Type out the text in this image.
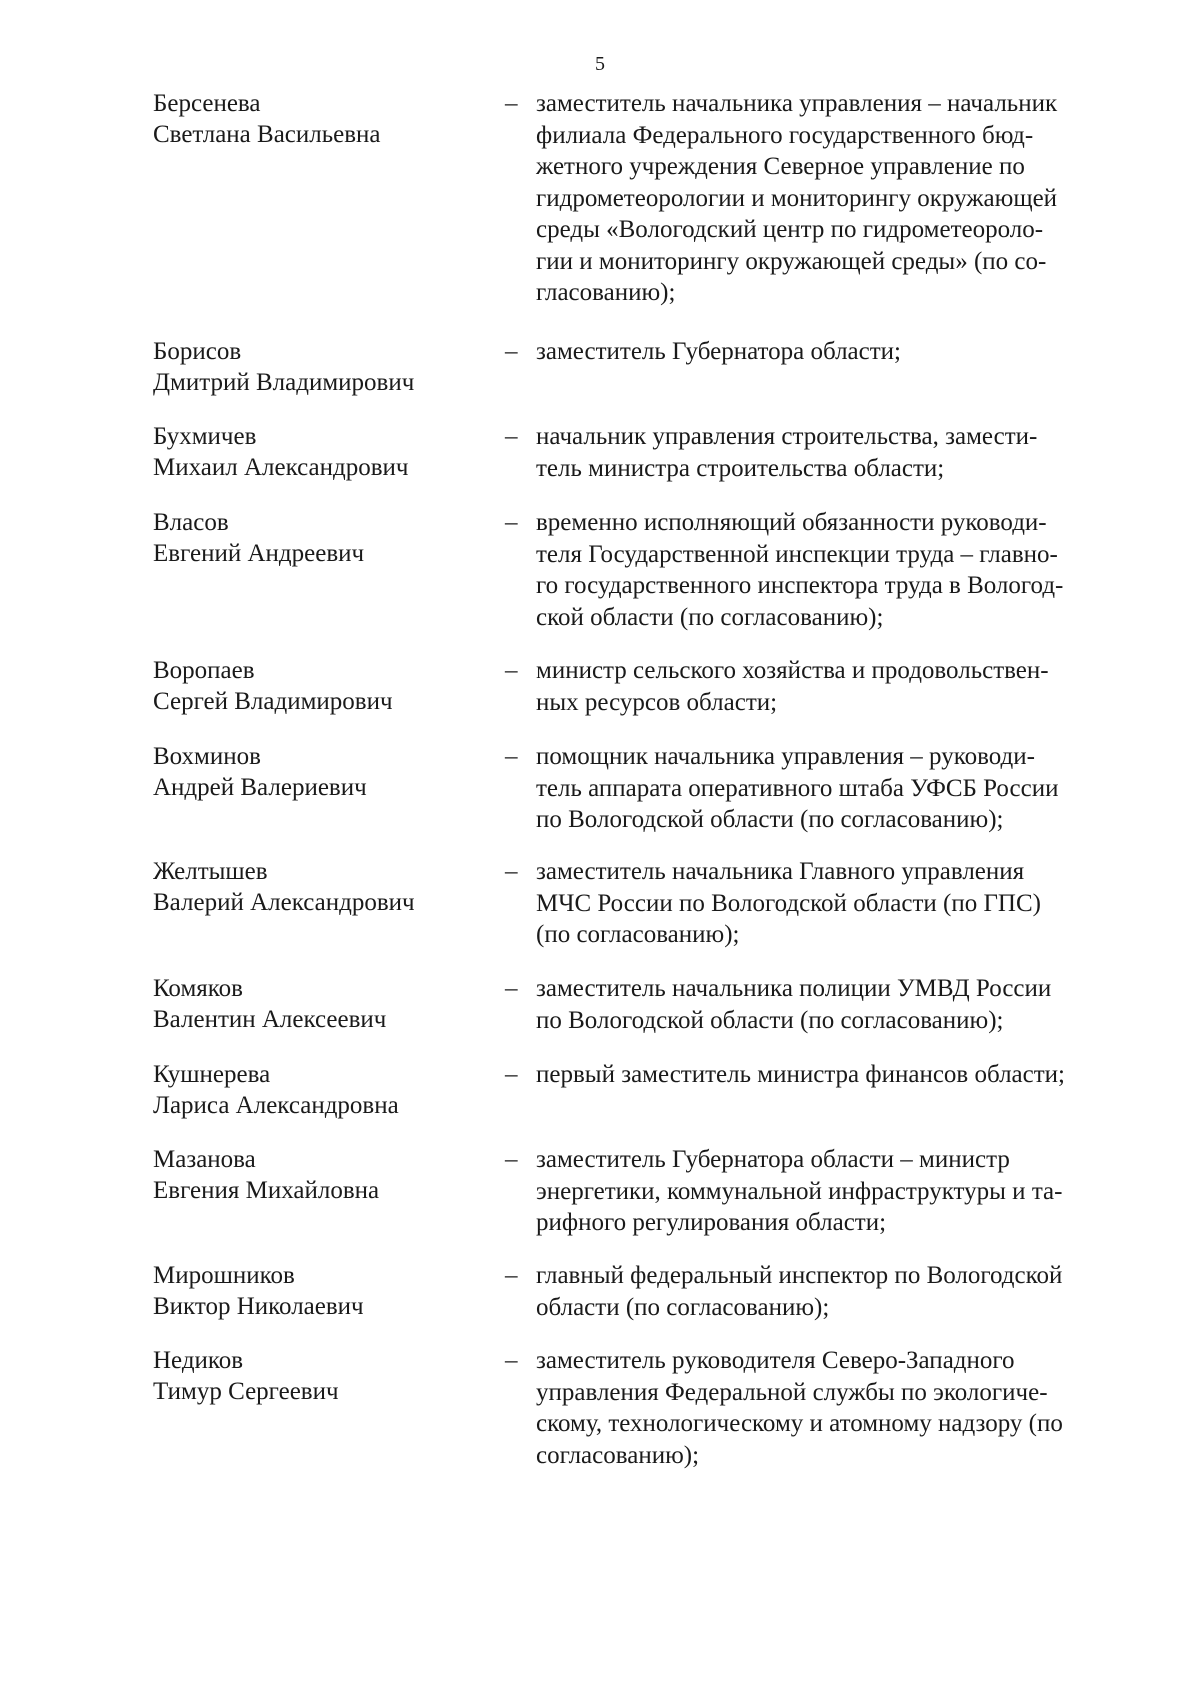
5
Берсенева
Светлана Васильевна
– заместитель начальника управления – начальник
филиала Федерального государственного бюд-
жетного учреждения Северное управление по
гидрометеорологии и мониторингу окружающей
среды «Вологодский центр по гидрометеороло-
гии и мониторингу окружающей среды» (по со-
гласованию);
Борисов
Дмитрий Владимирович
– заместитель Губернатора области;
Бухмичев
Михаил Александрович
– начальник управления строительства, замести-
тель министра строительства области;
Власов
Евгений Андреевич
– временно исполняющий обязанности руководи-
теля Государственной инспекции труда – главно-
го государственного инспектора труда в Вологод-
ской области (по согласованию);
Воропаев
Сергей Владимирович
– министр сельского хозяйства и продовольствен-
ных ресурсов области;
Вохминов
Андрей Валериевич
– помощник начальника управления – руководи-
тель аппарата оперативного штаба УФСБ России
по Вологодской области (по согласованию);
Желтышев
Валерий Александрович
– заместитель начальника Главного управления
МЧС России по Вологодской области (по ГПС)
(по согласованию);
Комяков
Валентин Алексеевич
– заместитель начальника полиции УМВД России
по Вологодской области (по согласованию);
Кушнерева
Лариса Александровна
– первый заместитель министра финансов области;
Мазанова
Евгения Михайловна
– заместитель Губернатора области – министр
энергетики, коммунальной инфраструктуры и та-
рифного регулирования области;
Мирошников
Виктор Николаевич
– главный федеральный инспектор по Вологодской
области (по согласованию);
Недиков
Тимур Сергеевич
– заместитель руководителя Северо-Западного
управления Федеральной службы по экологиче-
скому, технологическому и атомному надзору (по
согласованию);
